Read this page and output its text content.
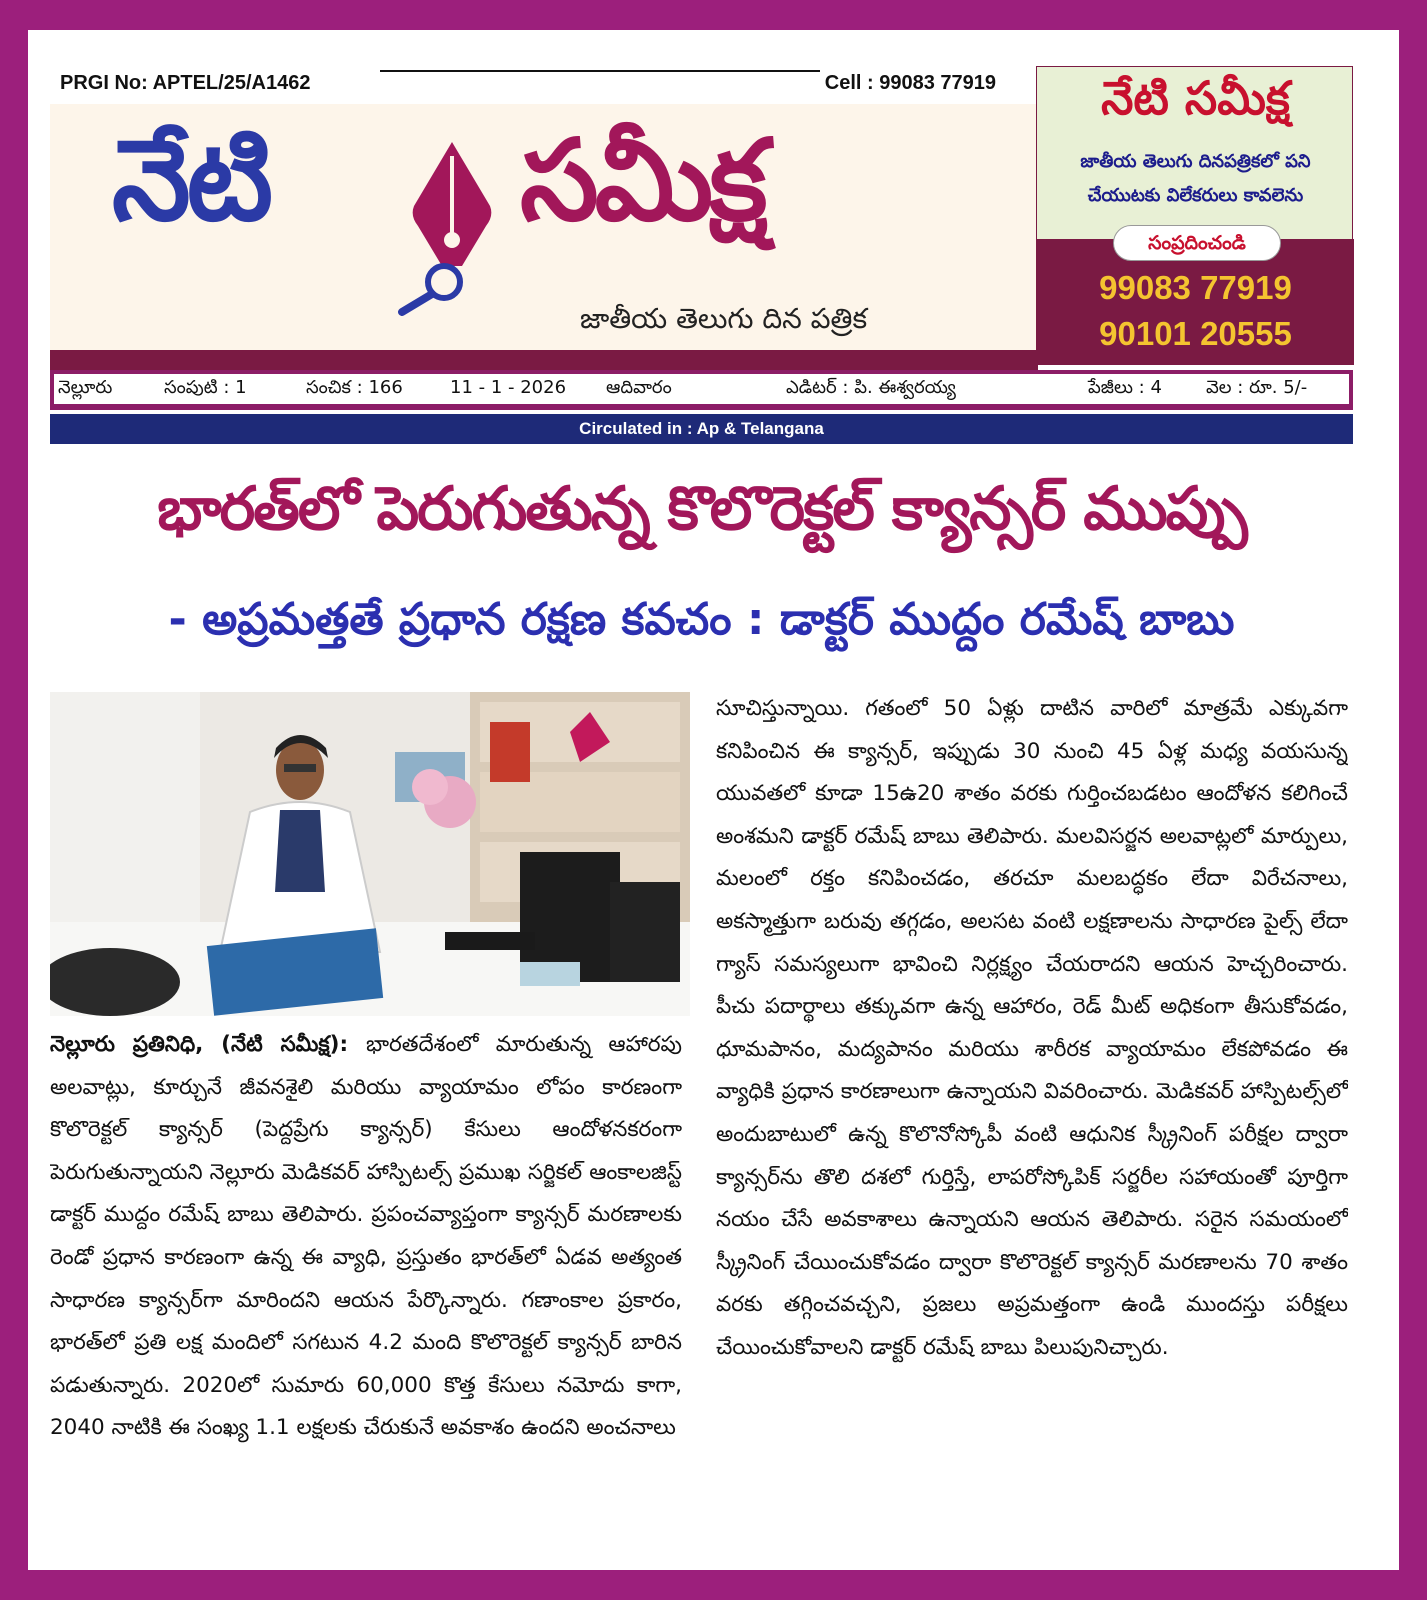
PRGI No: APTEL/25/A1462	Cell : 99083 77919
నేటి సమీక్ష
జాతీయ తెలుగు దిన పత్రిక
నేటి సమీక్ష
జాతీయ తెలుగు దినపత్రికలో పని
చేయుటకు విలేకరులు కావలెను
99083 77919
90101 20555
సంప్రదించండి
నెల్లూరు	సంపుటి : 1	సంచిక : 166	11 - 1 - 2026 ఆదివారం	ఎడిటర్ : పి. ఈశ్వరయ్య	పేజీలు : 4 వెల : రూ. 5/-
Circulated in : Ap & Telangana
భారత్‌లో పెరుగుతున్న కొలొరెక్టల్ క్యాన్సర్ ముప్పు
- అప్రమత్తతే ప్రధాన రక్షణ కవచం : డాక్టర్ ముద్దం రమేష్ బాబు
నెల్లూరు ప్రతినిధి, (నేటి సమీక్ష): భారతదేశంలో మారుతున్న ఆహారపు అలవాట్లు, కూర్చునే జీవనశైలి మరియు వ్యాయామం లోపం కారణంగా కొలొరెక్టల్ క్యాన్సర్ (పెద్దప్రేగు క్యాన్సర్) కేసులు ఆందోళనకరంగా పెరుగుతున్నాయని నెల్లూరు మెడికవర్ హాస్పిటల్స్ ప్రముఖ సర్జికల్ ఆంకాలజిస్ట్ డాక్టర్ ముద్దం రమేష్ బాబు తెలిపారు. ప్రపంచవ్యాప్తంగా క్యాన్సర్ మరణాలకు రెండో ప్రధాన కారణంగా ఉన్న ఈ వ్యాధి, ప్రస్తుతం భారత్‌లో ఏడవ అత్యంత సాధారణ క్యాన్సర్‌గా మారిందని ఆయన పేర్కొన్నారు. గణాంకాల ప్రకారం, భారత్‌లో ప్రతి లక్ష మందిలో సగటున 4.2 మంది కొలొరెక్టల్ క్యాన్సర్ బారిన పడుతున్నారు. 2020లో సుమారు 60,000 కొత్త కేసులు నమోదు కాగా, 2040 నాటికి ఈ సంఖ్య 1.1 లక్షలకు చేరుకునే అవకాశం ఉందని అంచనాలు
సూచిస్తున్నాయి. గతంలో 50 ఏళ్లు దాటిన వారిలో మాత్రమే ఎక్కువగా కనిపించిన ఈ క్యాన్సర్, ఇప్పుడు 30 నుంచి 45 ఏళ్ల మధ్య వయసున్న యువతలో కూడా 15ఉ20 శాతం వరకు గుర్తించబడటం ఆందోళన కలిగించే అంశమని డాక్టర్ రమేష్ బాబు తెలిపారు. మలవిసర్జన అలవాట్లలో మార్పులు, మలంలో రక్తం కనిపించడం, తరచూ మలబద్ధకం లేదా విరేచనాలు, అకస్మాత్తుగా బరువు తగ్గడం, అలసట వంటి లక్షణాలను సాధారణ పైల్స్ లేదా గ్యాస్ సమస్యలుగా భావించి నిర్లక్ష్యం చేయరాదని ఆయన హెచ్చరించారు. పీచు పదార్థాలు తక్కువగా ఉన్న ఆహారం, రెడ్ మీట్ అధికంగా తీసుకోవడం, ధూమపానం, మద్యపానం మరియు శారీరక వ్యాయామం లేకపోవడం ఈ వ్యాధికి ప్రధాన కారణాలుగా ఉన్నాయని వివరించారు. మెడికవర్ హాస్పిటల్స్‌లో అందుబాటులో ఉన్న కొలొనోస్కోపీ వంటి ఆధునిక స్క్రీనింగ్ పరీక్షల ద్వారా క్యాన్సర్‌ను తొలి దశలో గుర్తిస్తే, లాపరోస్కోపిక్ సర్జరీల సహాయంతో పూర్తిగా నయం చేసే అవకాశాలు ఉన్నాయని ఆయన తెలిపారు. సరైన సమయంలో స్క్రీనింగ్ చేయించుకోవడం ద్వారా కొలొరెక్టల్ క్యాన్సర్ మరణాలను 70 శాతం వరకు తగ్గించవచ్చని, ప్రజలు అప్రమత్తంగా ఉండి ముందస్తు పరీక్షలు చేయించుకోవాలని డాక్టర్ రమేష్ బాబు పిలుపునిచ్చారు.
